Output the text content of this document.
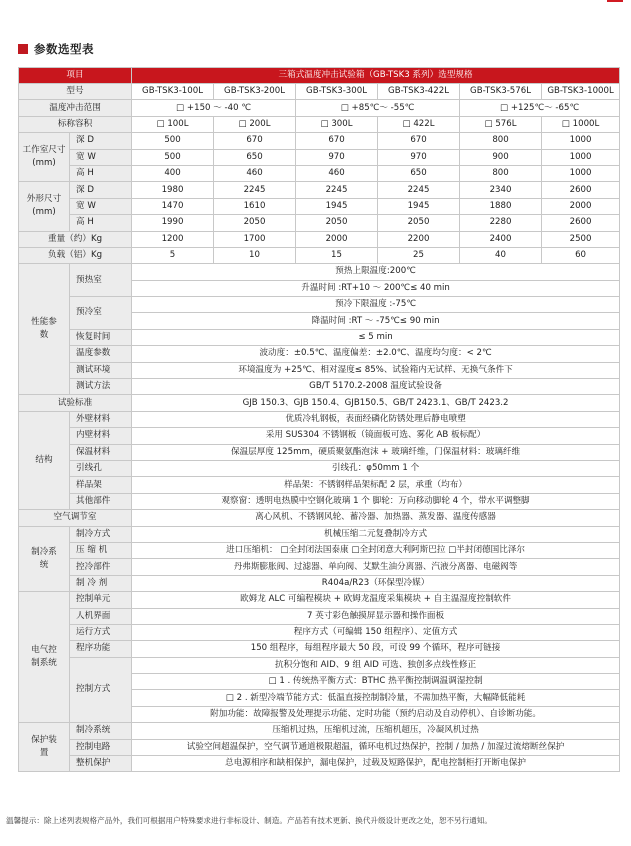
参数选型表
项目		三箱式温度冲击试验箱（GB-TSK3 系列）选型规格					
型号		GB-TSK3-100L	GB-TSK3-200L	GB-TSK3-300L	GB-TSK3-422L	GB-TSK3-576L	GB-TSK3-1000L
温度冲击范围		□ +150 ～ -40 ℃		□ +85℃～ -55℃		□ +125℃～ -65℃	
标称容积		□ 100L	□ 200L	□ 300L	□ 422L	□ 576L	□ 1000L
工作室尺寸(mm)	深 D	500	670	670	670	800	1000
	宽 W	500	650	970	970	900	1000
	高 H	400	460	460	650	800	1000
外形尺寸 (mm)	深 D	1980	2245	2245	2245	2340	2600
	宽 W	1470	1610	1945	1945	1880	2000
	高 H	1990	2050	2050	2050	2280	2600
重量（约）Kg		1200	1700	2000	2200	2400	2500
负载（铝）Kg		5	10	15	25	40	60
性能参数	预热室	预热上限温度:200℃					
		升温时间 :RT+10 ～ 200℃≤ 40 min					
	预冷室	预冷下限温度 :-75℃					
		降温时间 :RT ～ -75℃≤ 90 min					
	恢复时间	≤ 5 min					
	温度参数	波动度：±0.5℃、温度偏差：±2.0℃、温度均匀度：< 2℃					
	测试环境	环境温度为 +25℃、相对湿度≤ 85%、试验箱内无试样、无换气条件下					
	测试方法	GB/T 5170.2-2008 温度试验设备					
试验标准		GJB 150.3、GJB 150.4、GJB150.5、GB/T 2423.1、GB/T 2423.2					
结构	外壁材料	优质冷轧钢板，表面经磷化防锈处理后静电喷塑					
	内壁材料	采用 SUS304 不锈钢板（镜面板可选、雾化 AB 板标配）					
	保温材料	保温层厚度 125mm，硬质聚氨酯泡沫 + 玻璃纤维，门保温材料：玻璃纤维					
	引线孔	引线孔：φ50mm 1 个					
	样品架	样品架：不锈钢样品架标配 2 层，承重（均布）					
	其他部件	观察窗：透明电热膜中空钢化玻璃 1 个 脚轮：万向移动脚轮 4 个，带水平调整脚					
空气调节室		离心风机、不锈钢风轮、蓄冷器、加热器、蒸发器、温度传感器					
制冷系统	制冷方式	机械压缩二元复叠制冷方式					
	压 缩 机	进口压缩机： □全封闭法国泰康 □全封闭意大利阿斯巴拉 □半封闭德国比泽尔					
	控冷部件	丹弗斯膨胀阀、过滤器、单向阀、艾默生油分离器、汽液分离器、电磁阀等					
	制 冷 剂	R404a/R23（环保型冷媒）					
电气控制系统	控制单元	欧姆龙 ALC 可编程模块 + 欧姆龙温度采集模块 + 自主温湿度控制软件					
	人机界面	7 英寸彩色触摸屏显示器和操作面板					
	运行方式	程序方式（可编辑 150 组程序）、定值方式					
	程序功能	150 组程序，每组程序最大 50 段，可设 99 个循环，程序可链接					
	控制方式	抗积分饱和 AID、9 组 AID 可选、独创多点线性修正					
		□ 1 . 传统热平衡方式：BTHC 热平衡控制调温调湿控制					
		□ 2 . 新型冷端节能方式：低温直接控制制冷量，不需加热平衡，大幅降低能耗					
		附加功能：故障报警及处理提示功能、定时功能（预约启动及自动停机）、自诊断功能。					
保护装置	制冷系统	压缩机过热，压缩机过流，压缩机超压，冷凝风机过热					
	控制电路	试验空间超温保护，空气调节通道极限超温，循环电机过热保护，控制 / 加热 / 加湿过流熔断丝保护					
	整机保护	总电源相序和缺相保护，漏电保护，过载及短路保护，配电控制柜打开断电保护					
温馨提示：除上述列表规格产品外，我们可根据用户特殊要求进行非标设计、制造。产品若有技术更新、换代升级设计更改之处，恕不另行通知。
